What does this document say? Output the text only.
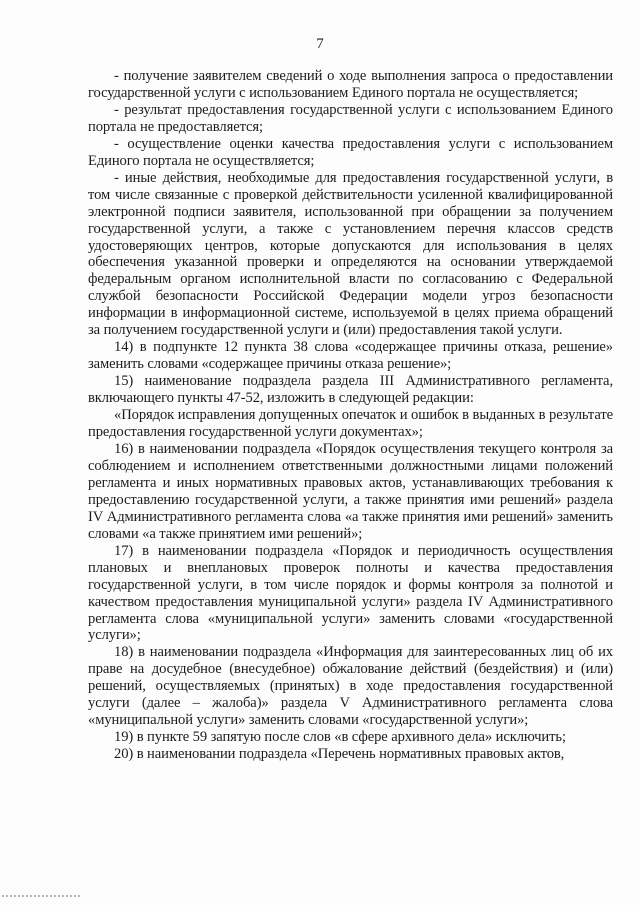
7

- получение заявителем сведений о ходе выполнения запроса о предоставлении государственной услуги с использованием Единого портала не осуществляется;

- результат предоставления государственной услуги с использованием Единого портала не предоставляется;

- осуществление оценки качества предоставления услуги с использованием Единого портала не осуществляется;

- иные действия, необходимые для предоставления государственной услуги, в том числе связанные с проверкой действительности усиленной квалифицированной электронной подписи заявителя, использованной при обращении за получением государственной услуги, а также с установлением перечня классов средств удостоверяющих центров, которые допускаются для использования в целях обеспечения указанной проверки и определяются на основании утверждаемой федеральным органом исполнительной власти по согласованию с Федеральной службой безопасности Российской Федерации модели угроз безопасности информации в информационной системе, используемой в целях приема обращений за получением государственной услуги и (или) предоставления такой услуги.

14) в подпункте 12 пункта 38 слова «содержащее причины отказа, решение» заменить словами «содержащее причины отказа решение»;

15) наименование подраздела раздела III Административного регламента, включающего пункты 47-52, изложить в следующей редакции:

«Порядок исправления допущенных опечаток и ошибок в выданных в результате предоставления государственной услуги документах»;

16) в наименовании подраздела «Порядок осуществления текущего контроля за соблюдением и исполнением ответственными должностными лицами положений регламента и иных нормативных правовых актов, устанавливающих требования к предоставлению государственной услуги, а также принятия ими решений» раздела IV Административного регламента слова «а также принятия ими решений» заменить словами «а также принятием ими решений»;

17) в наименовании подраздела «Порядок и периодичность осуществления плановых и внеплановых проверок полноты и качества предоставления государственной услуги, в том числе порядок и формы контроля за полнотой и качеством предоставления муниципальной услуги» раздела IV Административного регламента слова «муниципальной услуги» заменить словами «государственной услуги»;

18) в наименовании подраздела «Информация для заинтересованных лиц об их праве на досудебное (внесудебное) обжалование действий (бездействия) и (или) решений, осуществляемых (принятых) в ходе предоставления государственной услуги (далее – жалоба)» раздела V Административного регламента слова «муниципальной услуги» заменить словами «государственной услуги»;

19) в пункте 59 запятую после слов «в сфере архивного дела» исключить;

20) в наименовании подраздела «Перечень нормативных правовых актов,
